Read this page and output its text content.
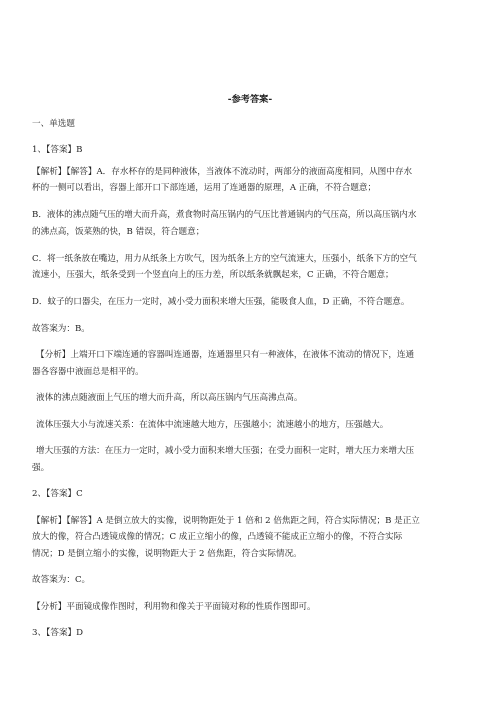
-参考答案-
一、单选题
1、【答案】B
【解析】【解答】A．存水杯存的是同种液体，当液体不流动时，两部分的液面高度相同，从图中存水
杯的一侧可以看出，容器上部开口下部连通，运用了连通器的原理，A 正确，不符合题意；
B．液体的沸点随气压的增大而升高，煮食物时高压锅内的气压比普通锅内的气压高，所以高压锅内水
的沸点高，饭菜熟的快，B 错误，符合题意；
C．将一纸条放在嘴边，用力从纸条上方吹气，因为纸条上方的空气流速大，压强小，纸条下方的空气
流速小，压强大，纸条受到一个竖直向上的压力差，所以纸条就飘起来，C 正确，不符合题意；
D．蚊子的口器尖，在压力一定时，减小受力面积来增大压强，能吸食人血，D 正确，不符合题意。
故答案为：B。
【分析】上端开口下端连通的容器叫连通器，连通器里只有一种液体，在液体不流动的情况下，连通
器各容器中液面总是相平的。
液体的沸点随液面上气压的增大而升高，所以高压锅内气压高沸点高。
流体压强大小与流速关系：在流体中流速越大地方，压强越小；流速越小的地方，压强越大。
增大压强的方法：在压力一定时，减小受力面积来增大压强；在受力面积一定时，增大压力来增大压
强。
2、【答案】C
【解析】【解答】A 是倒立放大的实像，说明物距处于 1 倍和 2 倍焦距之间，符合实际情况；B 是正立
放大的像，符合凸透镜成像的情况；C 成正立缩小的像，凸透镜不能成正立缩小的像，不符合实际
情况；D 是倒立缩小的实像，说明物距大于 2 倍焦距，符合实际情况。
故答案为：C。
【分析】平面镜成像作图时，利用物和像关于平面镜对称的性质作图即可。
3、【答案】D
